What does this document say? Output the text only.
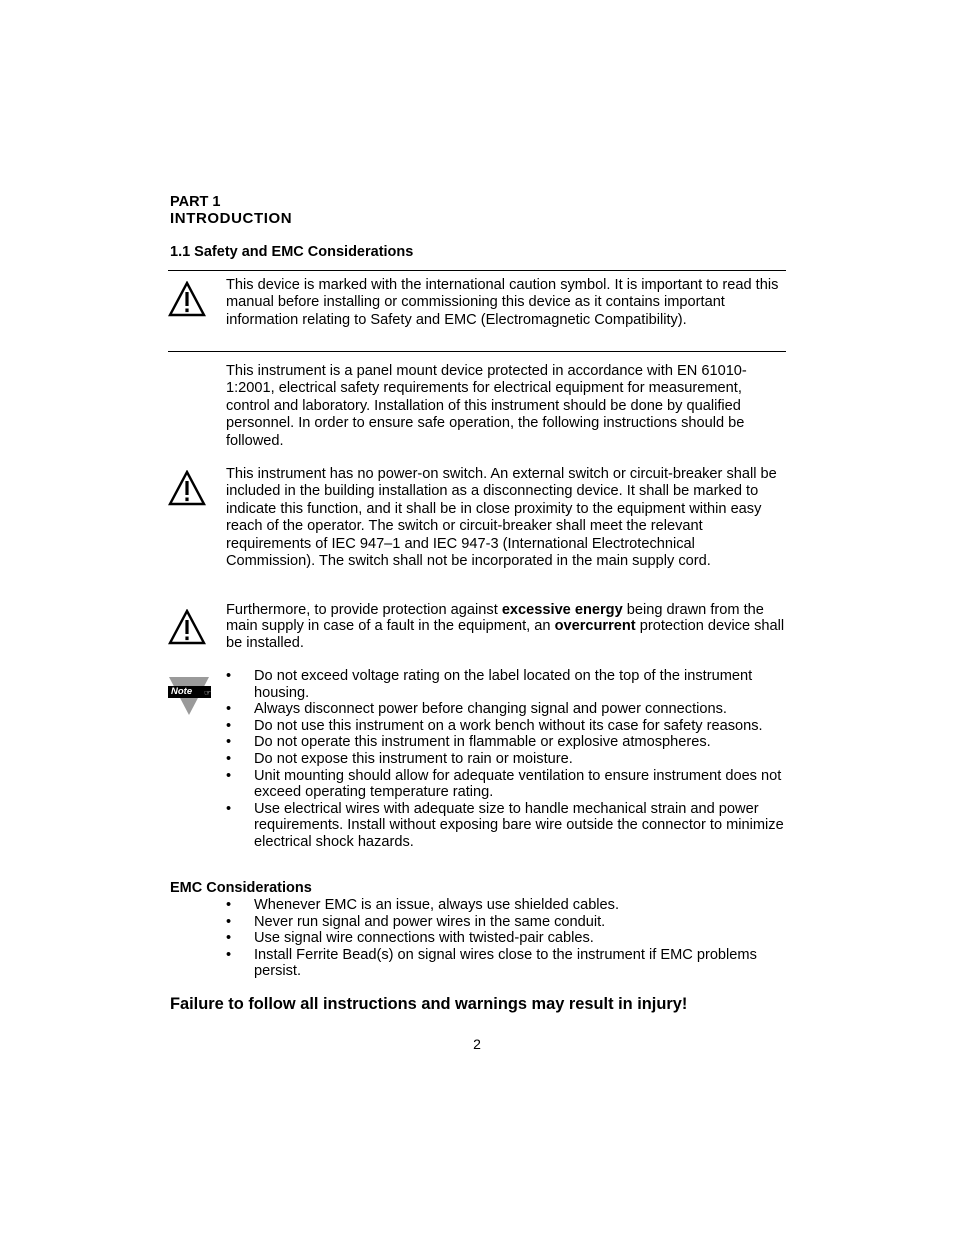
PART 1
INTRODUCTION
1.1 Safety and EMC Considerations
This device is marked with the international caution symbol. It is important to read this manual before installing or commissioning this device as it contains important information relating to Safety and EMC (Electromagnetic Compatibility).
This instrument is a panel mount device protected in accordance with EN 61010-1:2001, electrical safety requirements for electrical equipment for measurement, control and laboratory. Installation of this instrument should be done by qualified personnel. In order to ensure safe operation, the following instructions should be followed.
This instrument has no power-on switch. An external switch or circuit-breaker shall be included in the building installation as a disconnecting device. It shall be marked to indicate this function, and it shall be in close proximity to the equipment within easy reach of the operator. The switch or circuit-breaker shall meet the relevant requirements of IEC 947–1 and IEC 947-3 (International Electrotechnical Commission). The switch shall not be incorporated in the main supply cord.
Furthermore, to provide protection against excessive energy being drawn from the main supply in case of a fault in the equipment, an overcurrent protection device shall be installed.
☞
Note
• Do not exceed voltage rating on the label located on the top of the instrument housing.
• Always disconnect power before changing signal and power connections.
• Do not use this instrument on a work bench without its case for safety reasons.
• Do not operate this instrument in flammable or explosive atmospheres.
• Do not expose this instrument to rain or moisture.
• Unit mounting should allow for adequate ventilation to ensure instrument does not exceed operating temperature rating.
• Use electrical wires with adequate size to handle mechanical strain and power requirements. Install without exposing bare wire outside the connector to minimize electrical shock hazards.
EMC Considerations
• Whenever EMC is an issue, always use shielded cables.
• Never run signal and power wires in the same conduit.
• Use signal wire connections with twisted-pair cables.
• Install Ferrite Bead(s) on signal wires close to the instrument if EMC problems persist.
Failure to follow all instructions and warnings may result in injury!
2
